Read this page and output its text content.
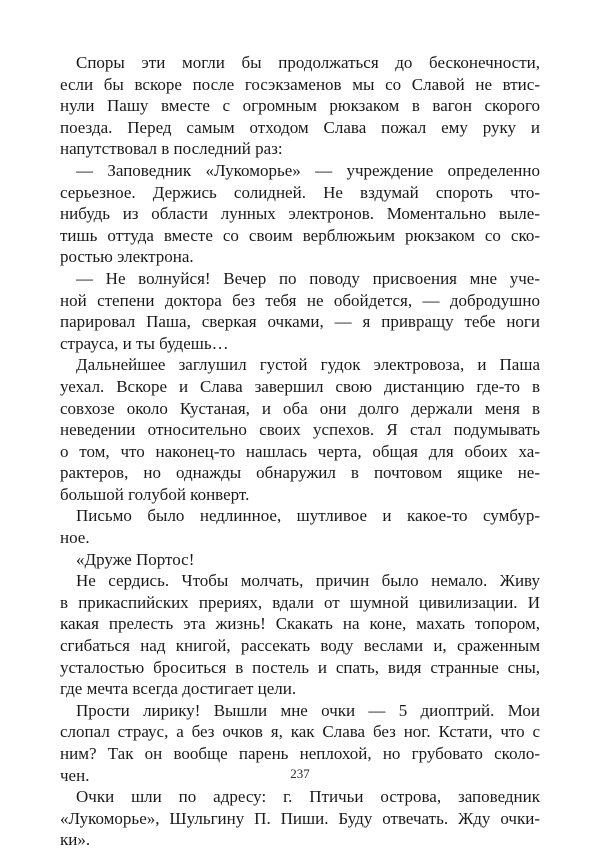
Споры эти могли бы продолжаться до бесконечности,
если бы вскоре после госэкзаменов мы со Славой не втис-
нули Пашу вместе с огромным рюкзаком в вагон скорого
поезда. Перед самым отходом Слава пожал ему руку и
напутствовал в последний раз:

— Заповедник «Лукоморье» — учреждение определенно
серьезное. Держись солидней. Не вздумай спороть что-
нибудь из области лунных электронов. Моментально выле-
тишь оттуда вместе со своим верблюжьим рюкзаком со ско-
ростью электрона.

— Не волнуйся! Вечер по поводу присвоения мне уче-
ной степени доктора без тебя не обойдется, — добродушно
парировал Паша, сверкая очками, — я привращу тебе ноги
страуса, и ты будешь…

Дальнейшее заглушил густой гудок электровоза, и Паша
уехал. Вскоре и Слава завершил свою дистанцию где-то в
совхозе около Кустаная, и оба они долго держали меня в
неведении относительно своих успехов. Я стал подумывать
о том, что наконец-то нашлась черта, общая для обоих ха-
рактеров, но однажды обнаружил в почтовом ящике не-
большой голубой конверт.

Письмо было недлинное, шутливое и какое-то сумбур-
ное.

«Друже Портос!

Не сердись. Чтобы молчать, причин было немало. Живу
в прикаспийских прериях, вдали от шумной цивилизации. И
какая прелесть эта жизнь! Скакать на коне, махать топором,
сгибаться над книгой, рассекать воду веслами и, сраженным
усталостью броситься в постель и спать, видя странные сны,
где мечта всегда достигает цели.

Прости лирику! Вышли мне очки — 5 диоптрий. Мои
слопал страус, а без очков я, как Слава без ног. Кстати, что с
ним? Так он вообще парень неплохой, но грубовато сколо-
чен.

Очки шли по адресу: г. Птичьи острова, заповедник
«Лукоморье», Шульгину П. Пиши. Буду отвечать. Жду очки-
ки».

237
